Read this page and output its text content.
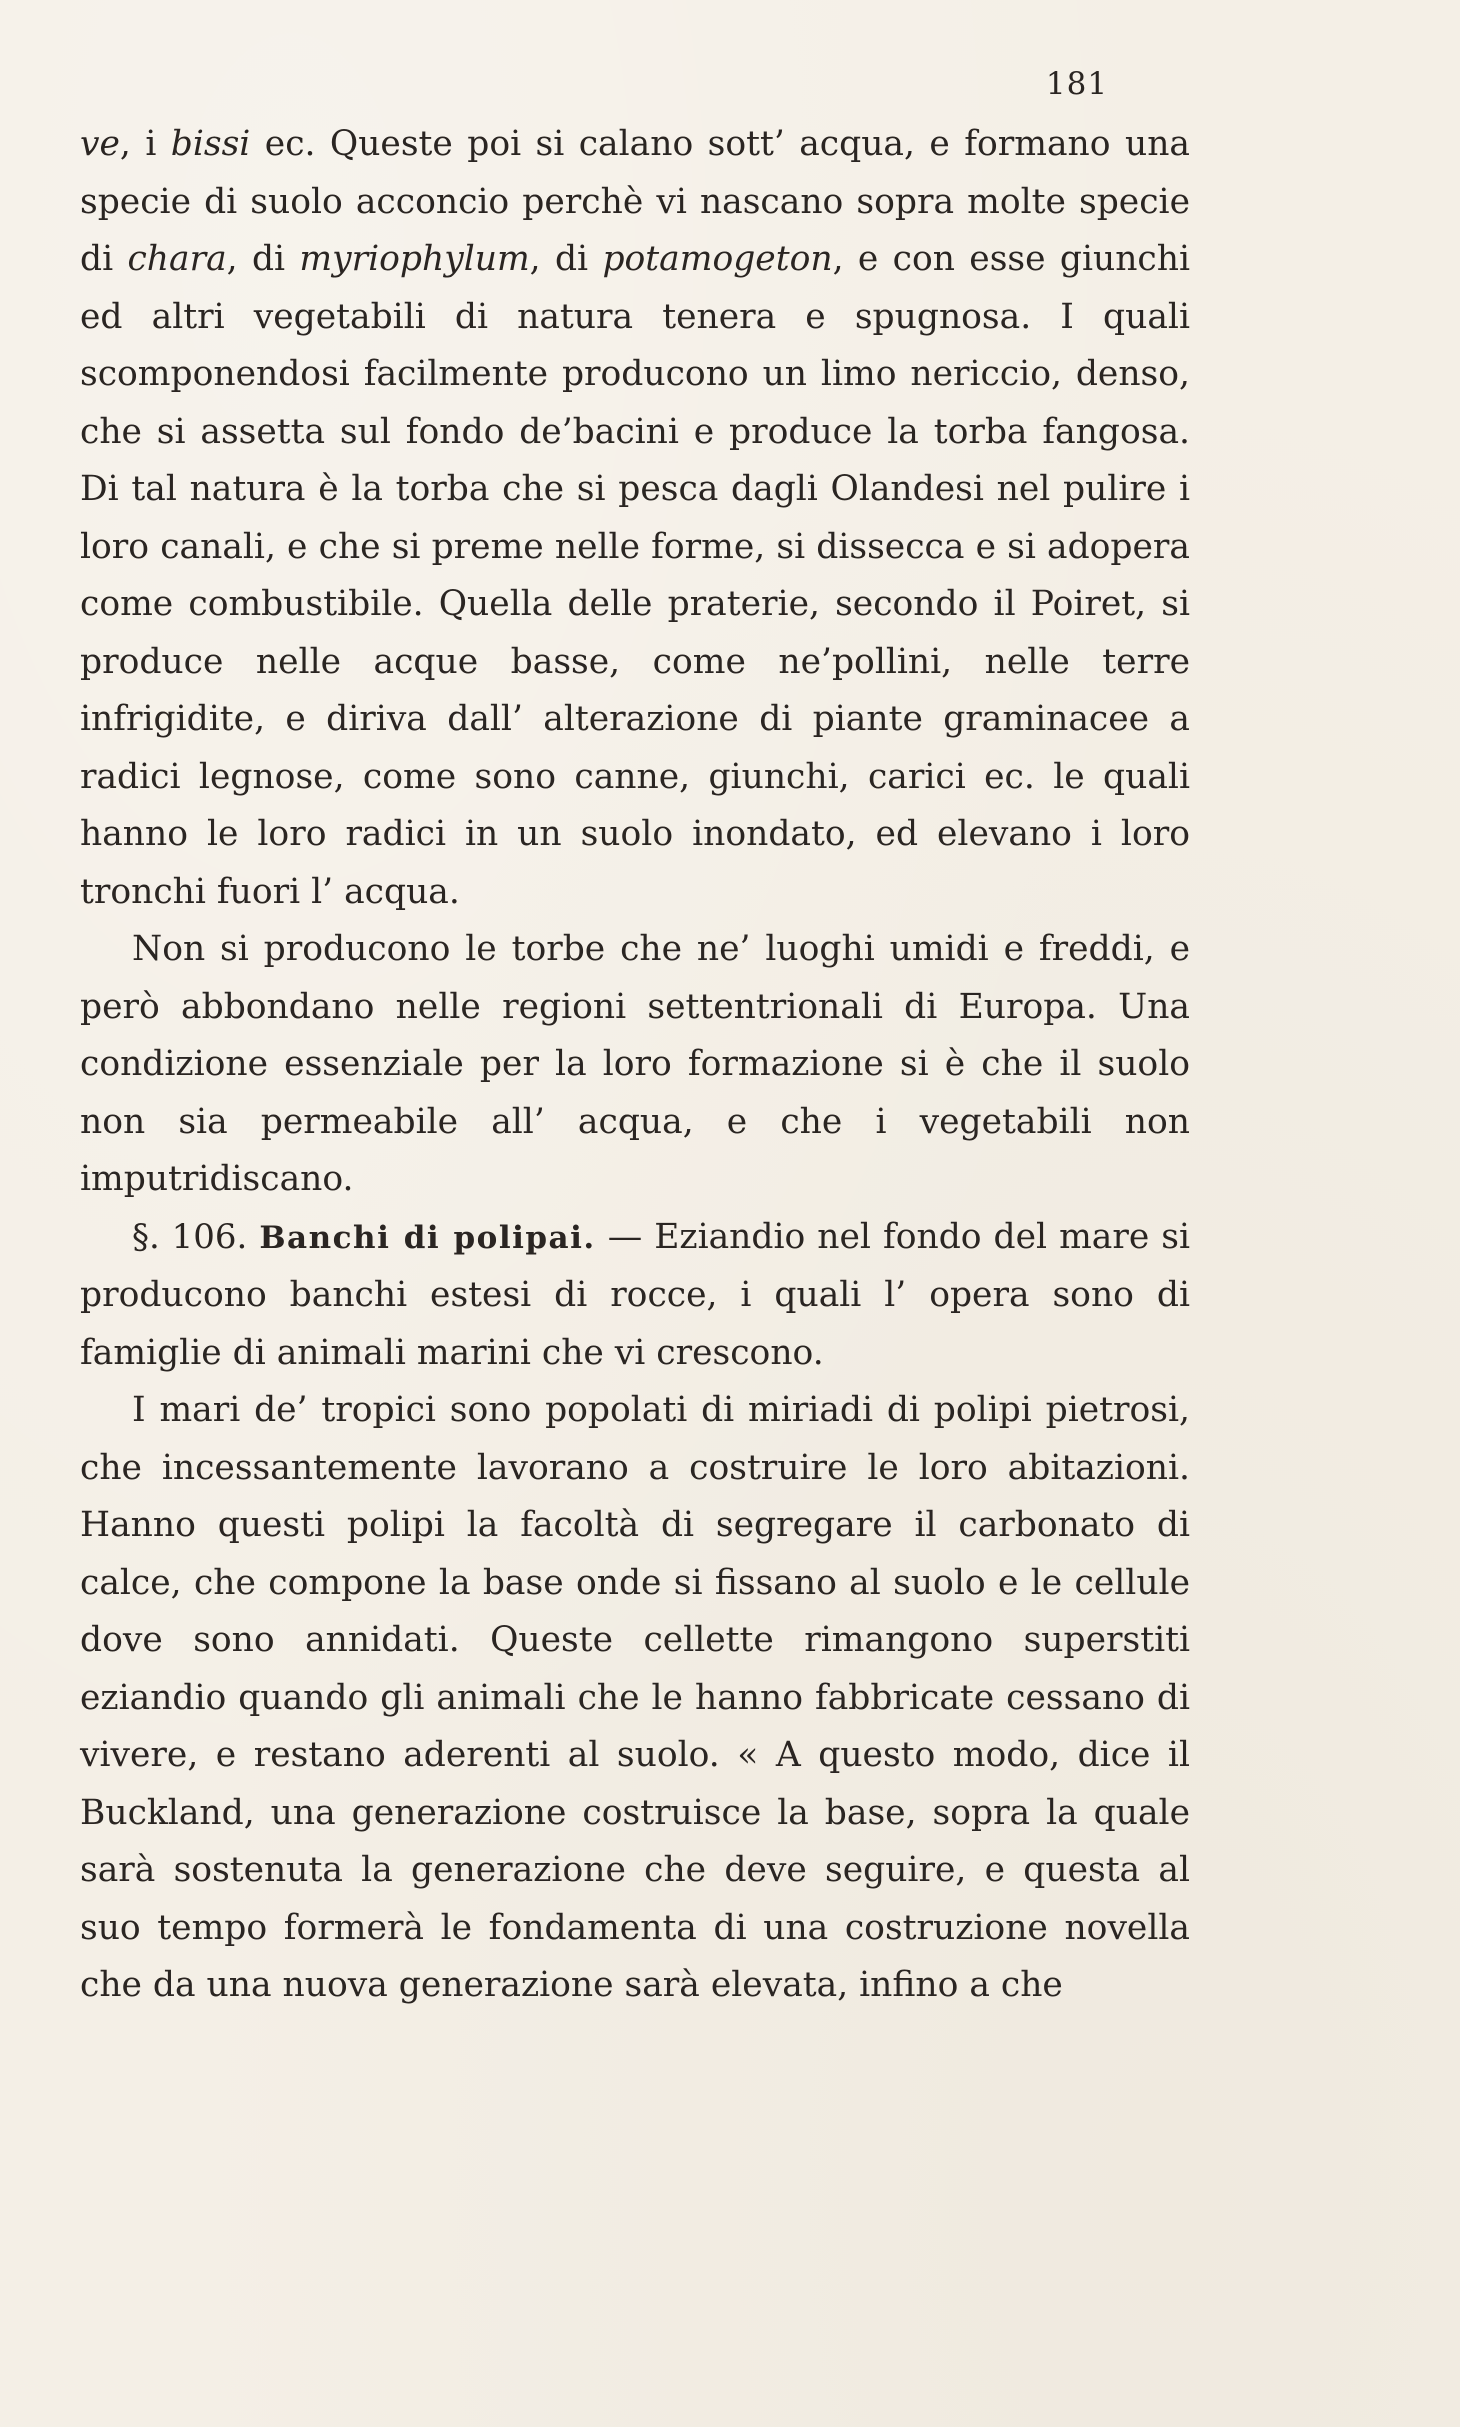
181

ve, i bissi ec. Queste poi si calano sott’ acqua, e formano una specie di suolo acconcio perchè vi nascano sopra molte specie di chara, di myriophylum, di potamogeton, e con esse giunchi ed altri vegetabili di natura tenera e spugnosa. I quali scomponendosi facilmente producono un limo nericcio, denso, che si assetta sul fondo de’bacini e produce la torba fangosa. Di tal natura è la torba che si pesca dagli Olandesi nel pulire i loro canali, e che si preme nelle forme, si dissecca e si adopera come combustibile. Quella delle praterie, secondo il Poiret, si produce nelle acque basse, come ne’pollini, nelle terre infrigidite, e diriva dall’ alterazione di piante graminacee a radici legnose, come sono canne, giunchi, carici ec. le quali hanno le loro radici in un suolo inondato, ed elevano i loro tronchi fuori l’ acqua.

Non si producono le torbe che ne’ luoghi umidi e freddi, e però abbondano nelle regioni settentrionali di Europa. Una condizione essenziale per la loro formazione si è che il suolo non sia permeabile all’ acqua, e che i vegetabili non imputridiscano.

§. 106. Banchi di polipai. — Eziandio nel fondo del mare si producono banchi estesi di rocce, i quali l’ opera sono di famiglie di animali marini che vi crescono.

I mari de’ tropici sono popolati di miriadi di polipi pietrosi, che incessantemente lavorano a costruire le loro abitazioni. Hanno questi polipi la facoltà di segregare il carbonato di calce, che compone la base onde si fissano al suolo e le cellule dove sono annidati. Queste cellette rimangono superstiti eziandio quando gli animali che le hanno fabbricate cessano di vivere, e restano aderenti al suolo. « A questo modo, dice il Buckland, una generazione costruisce la base, sopra la quale sarà sostenuta la generazione che deve seguire, e questa al suo tempo formerà le fondamenta di una costruzione novella che da una nuova generazione sarà elevata, infino a che
